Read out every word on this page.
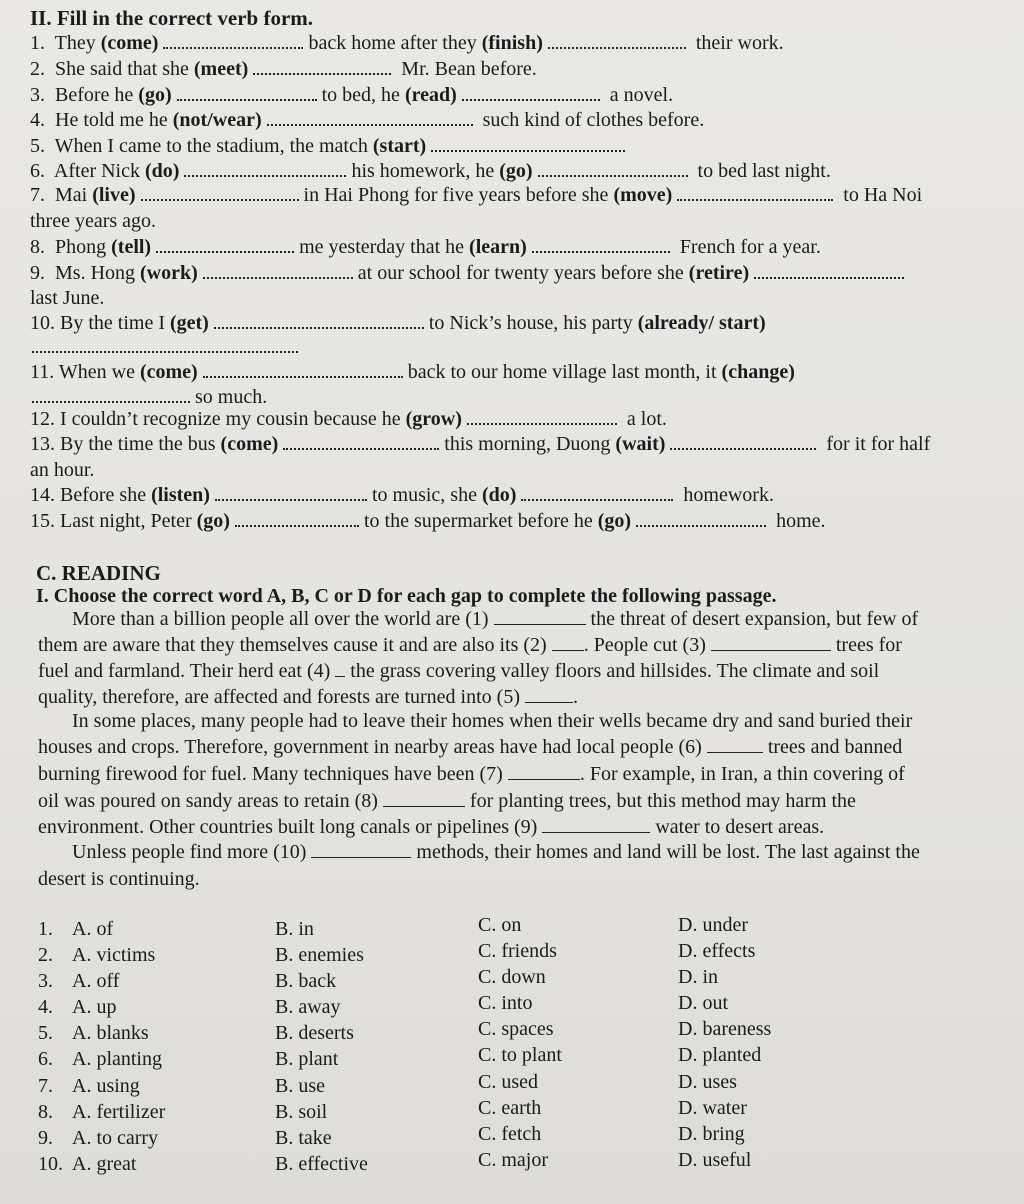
II. Fill in the correct verb form.
1. They (come)	back home after they (finish)	their work.
2. She said that she (meet)	Mr. Bean before.
3. Before he (go)	to bed, he (read)	a novel.
4. He told me he (not/wear)	such kind of clothes before.
5. When I came to the stadium, the match (start)
6. After Nick (do)	his homework, he (go)	to bed last night.
7. Mai (live)	in Hai Phong for five years before she (move)	to Ha Noi
three years ago.
8. Phong (tell)	me yesterday that he (learn)	French for a year.
9. Ms. Hong (work)	at our school for twenty years before she (retire)
last June.
10. By the time I (get)	to Nick’s house, his party (already/ start)
11. When we (come)	back to our home village last month, it (change)
so much.
12. I couldn’t recognize my cousin because he (grow)	a lot.
13. By the time the bus (come)	this morning, Duong (wait)	for it for half
an hour.
14. Before she (listen)	to music, she (do)	homework.
15. Last night, Peter (go)	to the supermarket before he (go)	home.
C. READING
I. Choose the correct word A, B, C or D for each gap to complete the following passage.
More than a billion people all over the world are (1)	the threat of desert expansion, but few of
them are aware that they themselves cause it and are also its (2) . People cut (3)	trees for
fuel and farmland. Their herd eat (4)  the grass covering valley floors and hillsides. The climate and soil
quality, therefore, are affected and forests are turned into (5) .
In some places, many people had to leave their homes when their wells became dry and sand buried their
houses and crops. Therefore, government in nearby areas have had local people (6)	trees and banned
burning firewood for fuel. Many techniques have been (7)	. For example, in Iran, a thin covering of
oil was poured on sandy areas to retain (8)	for planting trees, but this method may harm the
environment. Other countries built long canals or pipelines (9)	water to desert areas.
Unless people find more (10)	methods, their homes and land will be lost. The last against the
desert is continuing.
1. A. of	B. in	C. on	D. under
2. A. victims	B. enemies	C. friends	D. effects
3. A. off	B. back	C. down	D. in
4. A. up	B. away	C. into	D. out
5. A. blanks	B. deserts	C. spaces	D. bareness
6. A. planting	B. plant	C. to plant	D. planted
7. A. using	B. use	C. used	D. uses
8. A. fertilizer	B. soil	C. earth	D. water
9. A. to carry	B. take	C. fetch	D. bring
10. A. great	B. effective	C. major	D. useful
